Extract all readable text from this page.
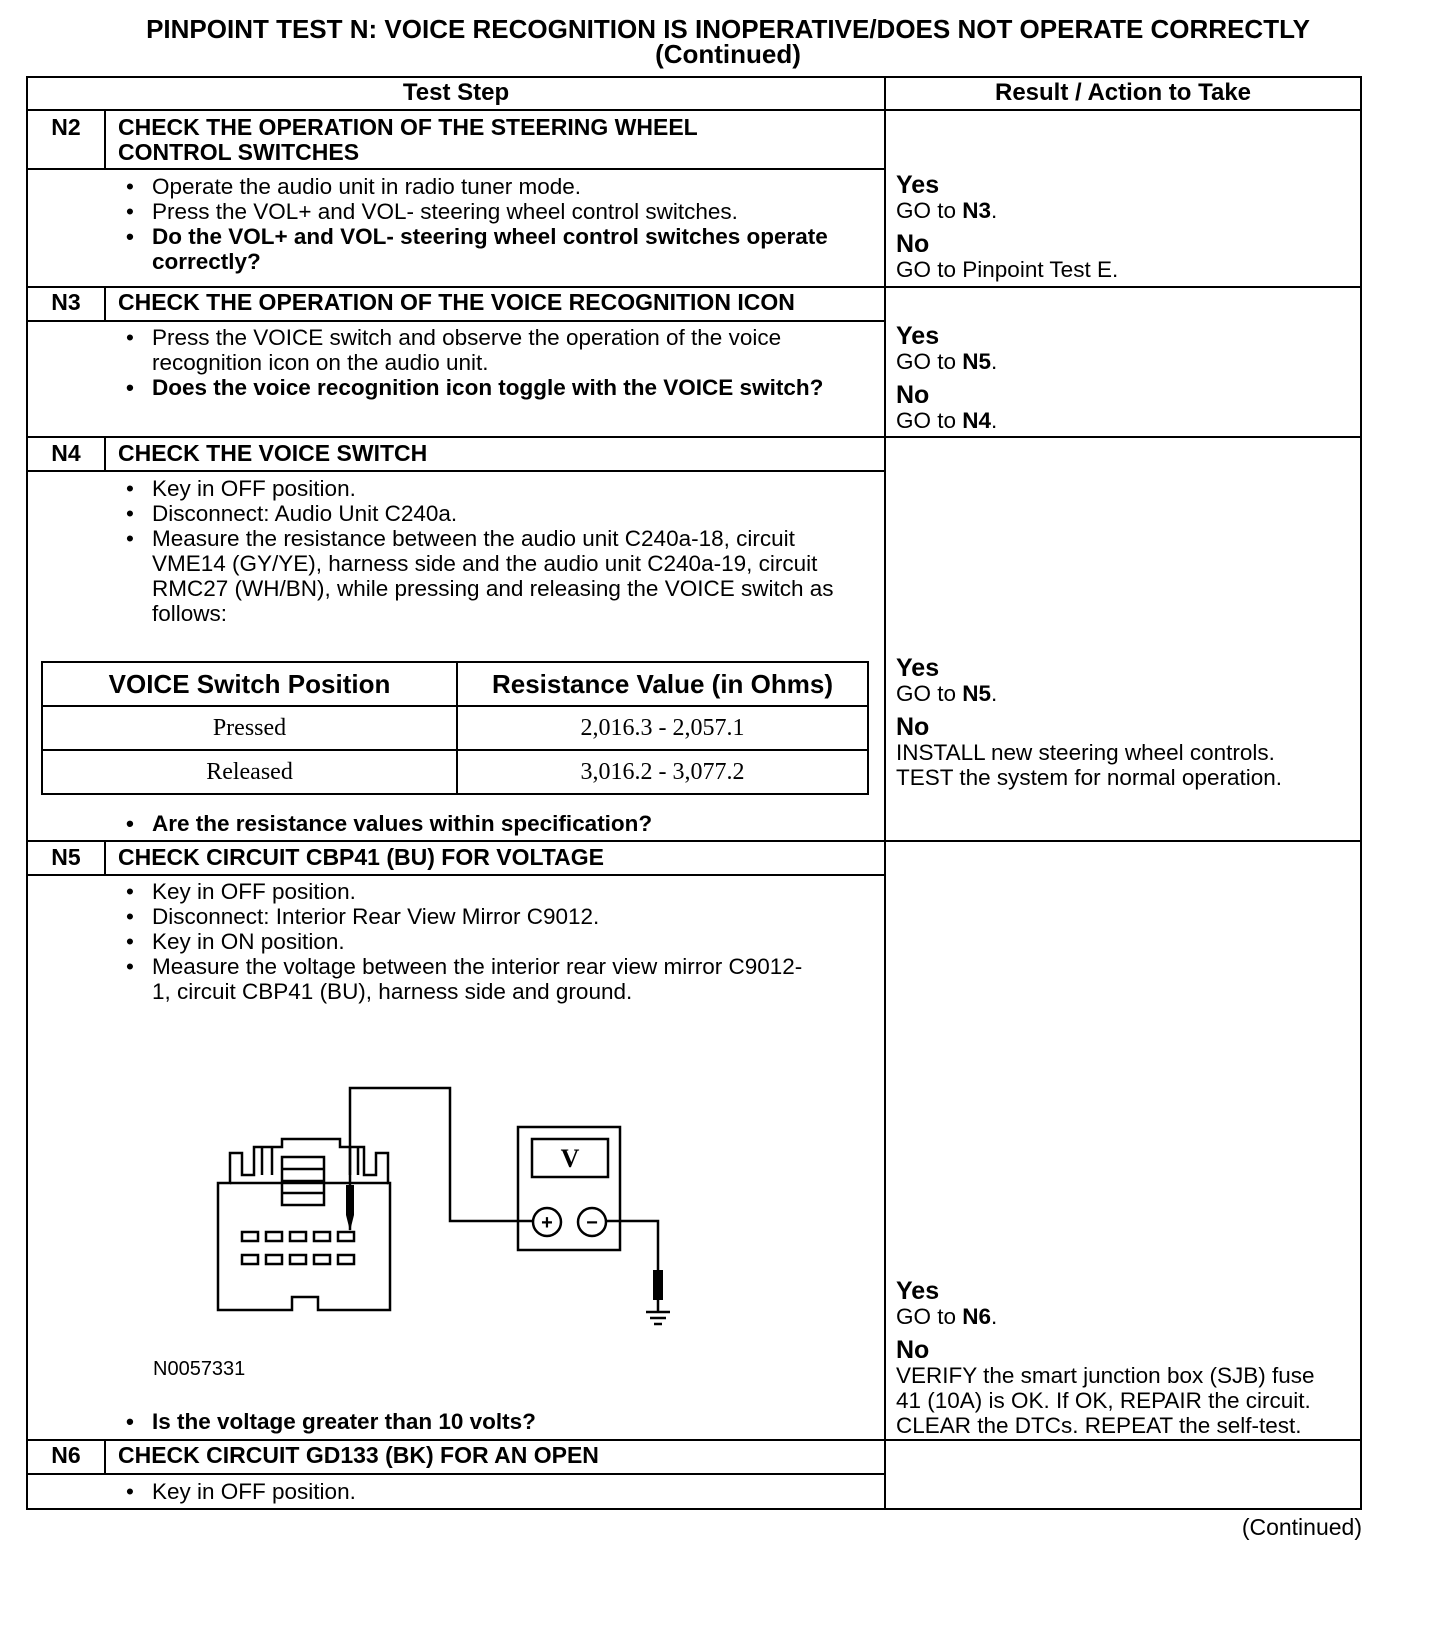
PINPOINT TEST N: VOICE RECOGNITION IS INOPERATIVE/DOES NOT OPERATE CORRECTLY
(Continued)
Test Step	Result / Action to Take
N2	CHECK THE OPERATION OF THE STEERING WHEEL
CONTROL SWITCHES
• Operate the audio unit in radio tuner mode.
• Press the VOL+ and VOL- steering wheel control switches.
• Do the VOL+ and VOL- steering wheel control switches operate correctly?
Yes
GO to N3.
No
GO to Pinpoint Test E.
N3	CHECK THE OPERATION OF THE VOICE RECOGNITION ICON
• Press the VOICE switch and observe the operation of the voice recognition icon on the audio unit.
• Does the voice recognition icon toggle with the VOICE switch?
Yes
GO to N5.
No
GO to N4.
N4	CHECK THE VOICE SWITCH
• Key in OFF position.
• Disconnect: Audio Unit C240a.
• Measure the resistance between the audio unit C240a-18, circuit VME14 (GY/YE), harness side and the audio unit C240a-19, circuit RMC27 (WH/BN), while pressing and releasing the VOICE switch as follows:
VOICE Switch Position	Resistance Value (in Ohms)
Pressed	2,016.3 - 2,057.1
Released	3,016.2 - 3,077.2
• Are the resistance values within specification?
Yes
GO to N5.
No
INSTALL new steering wheel controls.
TEST the system for normal operation.
N5	CHECK CIRCUIT CBP41 (BU) FOR VOLTAGE
• Key in OFF position.
• Disconnect: Interior Rear View Mirror C9012.
• Key in ON position.
• Measure the voltage between the interior rear view mirror C9012-1, circuit CBP41 (BU), harness side and ground.
V
+ −
N0057331
• Is the voltage greater than 10 volts?
Yes
GO to N6.
No
VERIFY the smart junction box (SJB) fuse
41 (10A) is OK. If OK, REPAIR the circuit.
CLEAR the DTCs. REPEAT the self-test.
N6	CHECK CIRCUIT GD133 (BK) FOR AN OPEN
• Key in OFF position.
(Continued)
